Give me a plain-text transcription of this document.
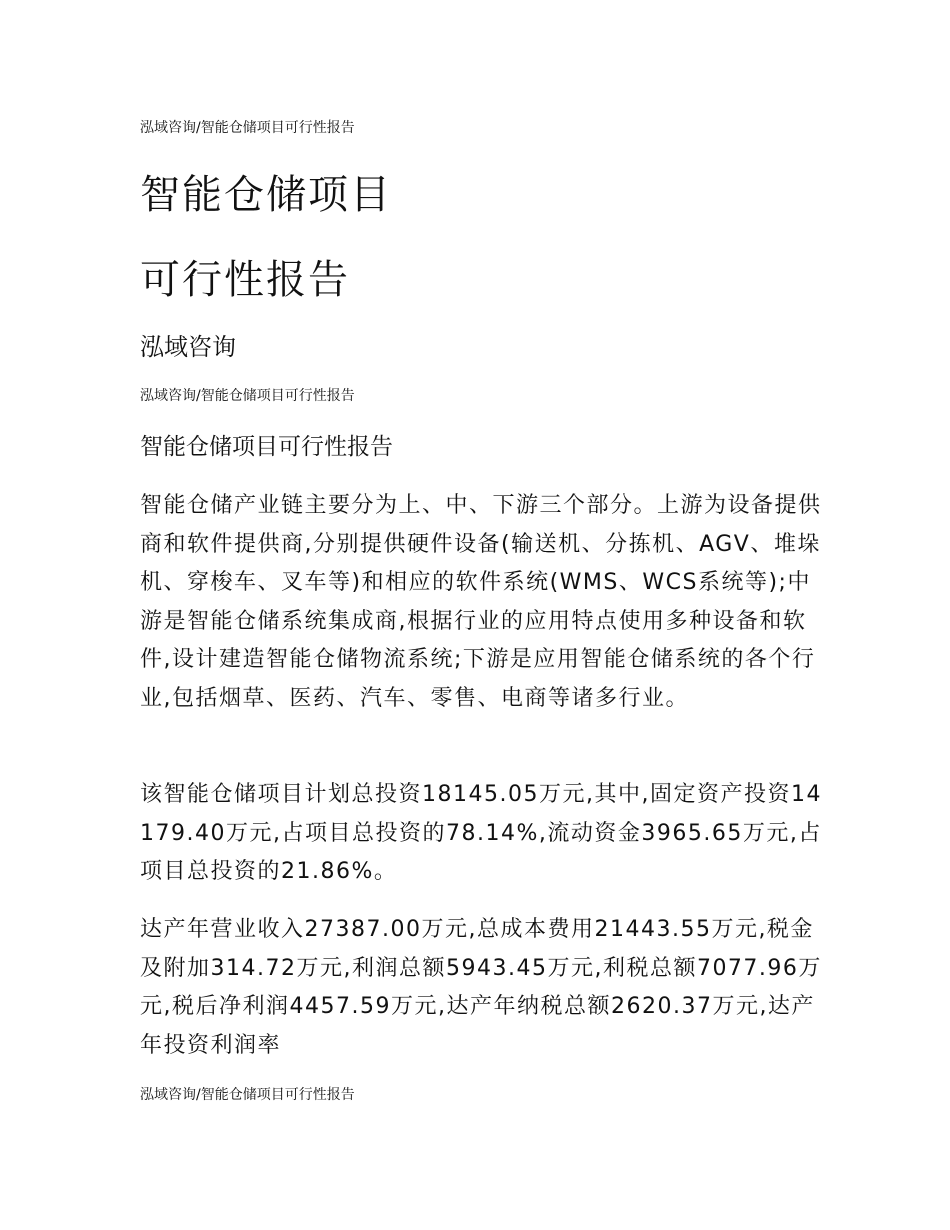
泓域咨询/智能仓储项目可行性报告
智能仓储项目
可行性报告
泓域咨询
泓域咨询/智能仓储项目可行性报告
智能仓储项目可行性报告
智能仓储产业链主要分为上、中、下游三个部分。上游为设备提供商和软件提供商,分别提供硬件设备(输送机、分拣机、AGV、堆垛机、穿梭车、叉车等)和相应的软件系统(WMS、WCS系统等);中游是智能仓储系统集成商,根据行业的应用特点使用多种设备和软件,设计建造智能仓储物流系统;下游是应用智能仓储系统的各个行业,包括烟草、医药、汽车、零售、电商等诸多行业。
该智能仓储项目计划总投资18145.05万元,其中,固定资产投资14179.40万元,占项目总投资的78.14%,流动资金3965.65万元,占项目总投资的21.86%。
达产年营业收入27387.00万元,总成本费用21443.55万元,税金及附加314.72万元,利润总额5943.45万元,利税总额7077.96万元,税后净利润4457.59万元,达产年纳税总额2620.37万元,达产年投资利润率
泓域咨询/智能仓储项目可行性报告
